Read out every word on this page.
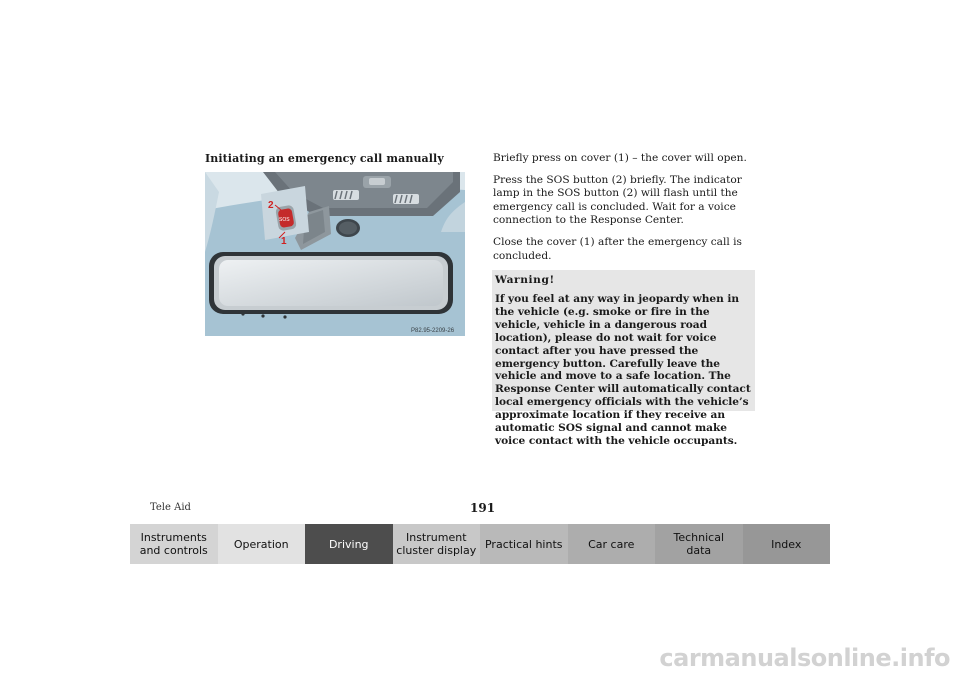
Initiating an emergency call manually
SOS
2
1
P82.95-2209-26

Briefly press on cover (1) – the cover will open.

Press the SOS button (2) briefly. The indicator lamp in the SOS button (2) will flash until the emergency call is concluded. Wait for a voice connection to the Response Center.

Close the cover (1) after the emergency call is concluded.

Warning!
If you feel at any way in jeopardy when in the vehicle (e.g. smoke or fire in the vehicle, vehicle in a dangerous road location), please do not wait for voice contact after you have pressed the emergency button. Carefully leave the vehicle and move to a safe location. The Response Center will automatically contact local emergency officials with the vehicle’s approximate location if they receive an automatic SOS signal and cannot make voice contact with the vehicle occupants.
Tele Aid	191
Instruments
and controls	Operation	Driving	Instrument
cluster display Practical hints	Car care	Technical
data	Index
carmanualsonline.info
